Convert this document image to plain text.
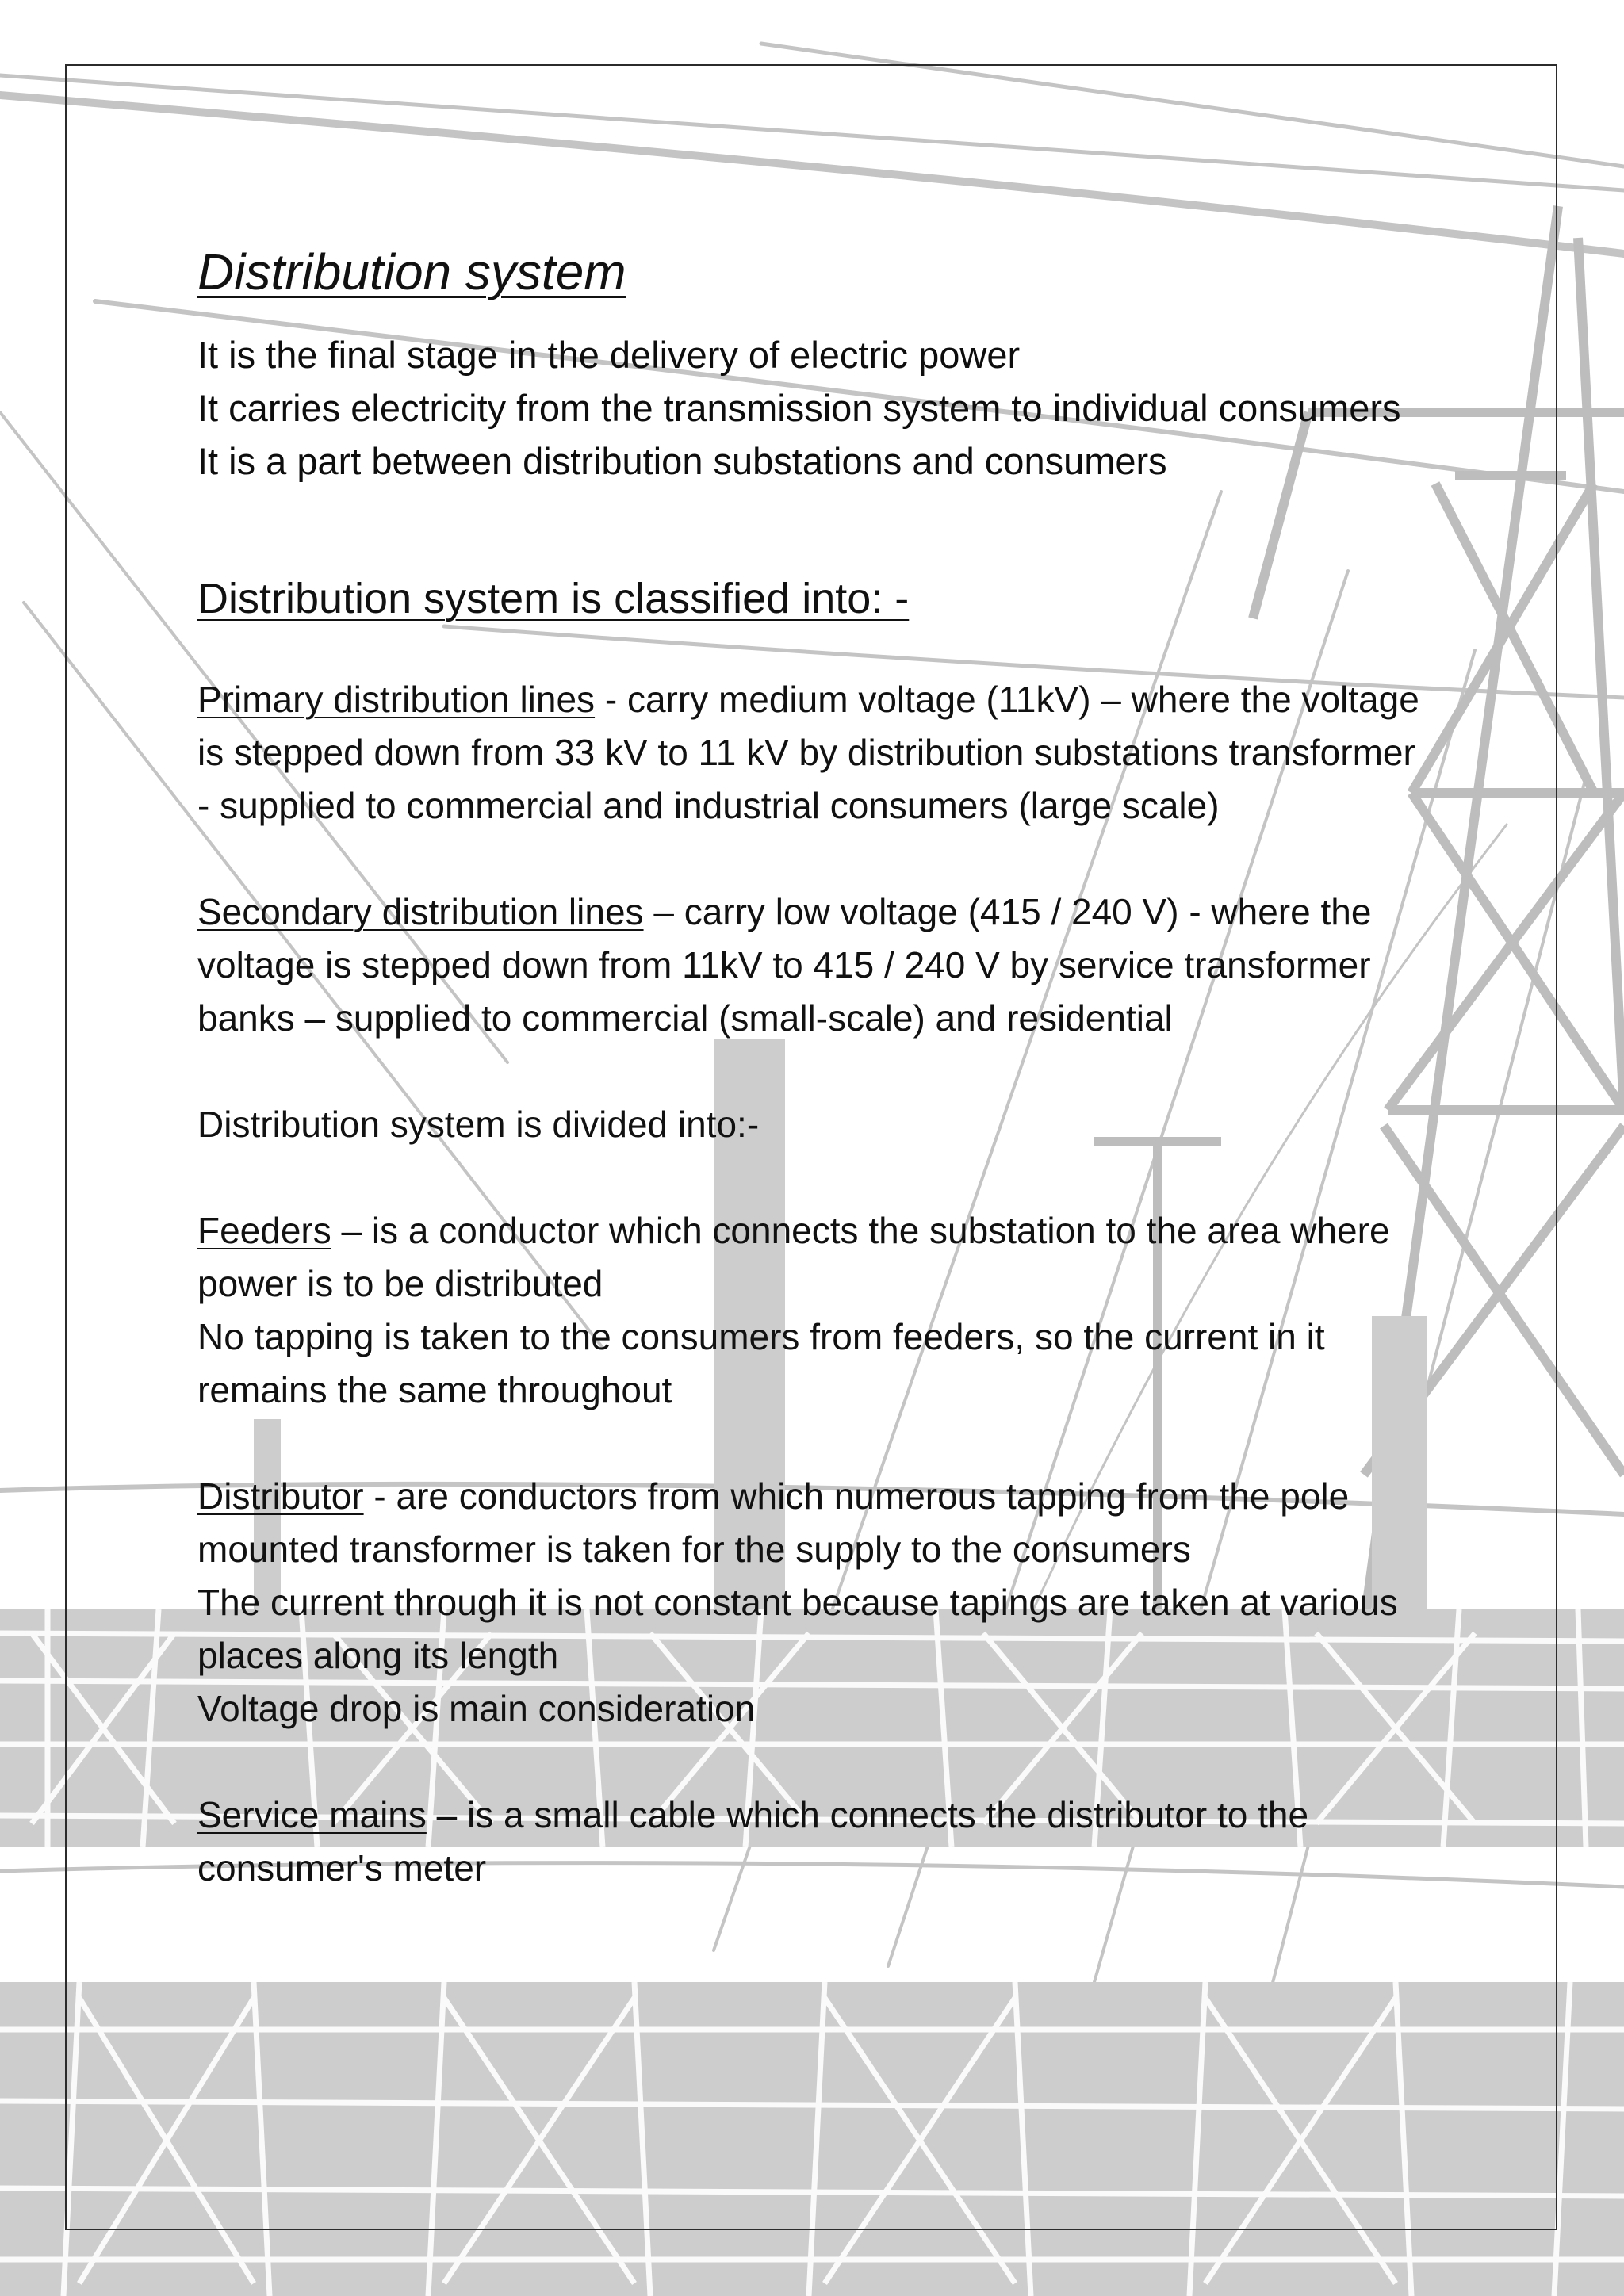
Distribution system
It is the final stage in the delivery of electric power
It carries electricity from the transmission system to individual consumers
It is a part between distribution substations and consumers
Distribution system is classified into: -
Primary distribution lines - carry medium voltage (11kV) – where the voltage is stepped down from 33 kV to 11 kV by distribution substations transformer - supplied to commercial and industrial consumers (large scale)
Secondary distribution lines – carry low voltage (415 / 240 V) - where the voltage is stepped down from 11kV to 415 / 240 V by service transformer banks – supplied to commercial (small-scale) and residential
Distribution system is divided into:-
Feeders – is a conductor which connects the substation to the area where power is to be distributed
No tapping is taken to the consumers from feeders, so the current in it remains the same throughout
Distributor - are conductors from which numerous tapping from the pole mounted transformer is taken for the supply to the consumers
The current through it is not constant because tapings are taken at various places along its length
Voltage drop is main consideration
Service mains – is a small cable which connects the distributor to the consumer's meter
